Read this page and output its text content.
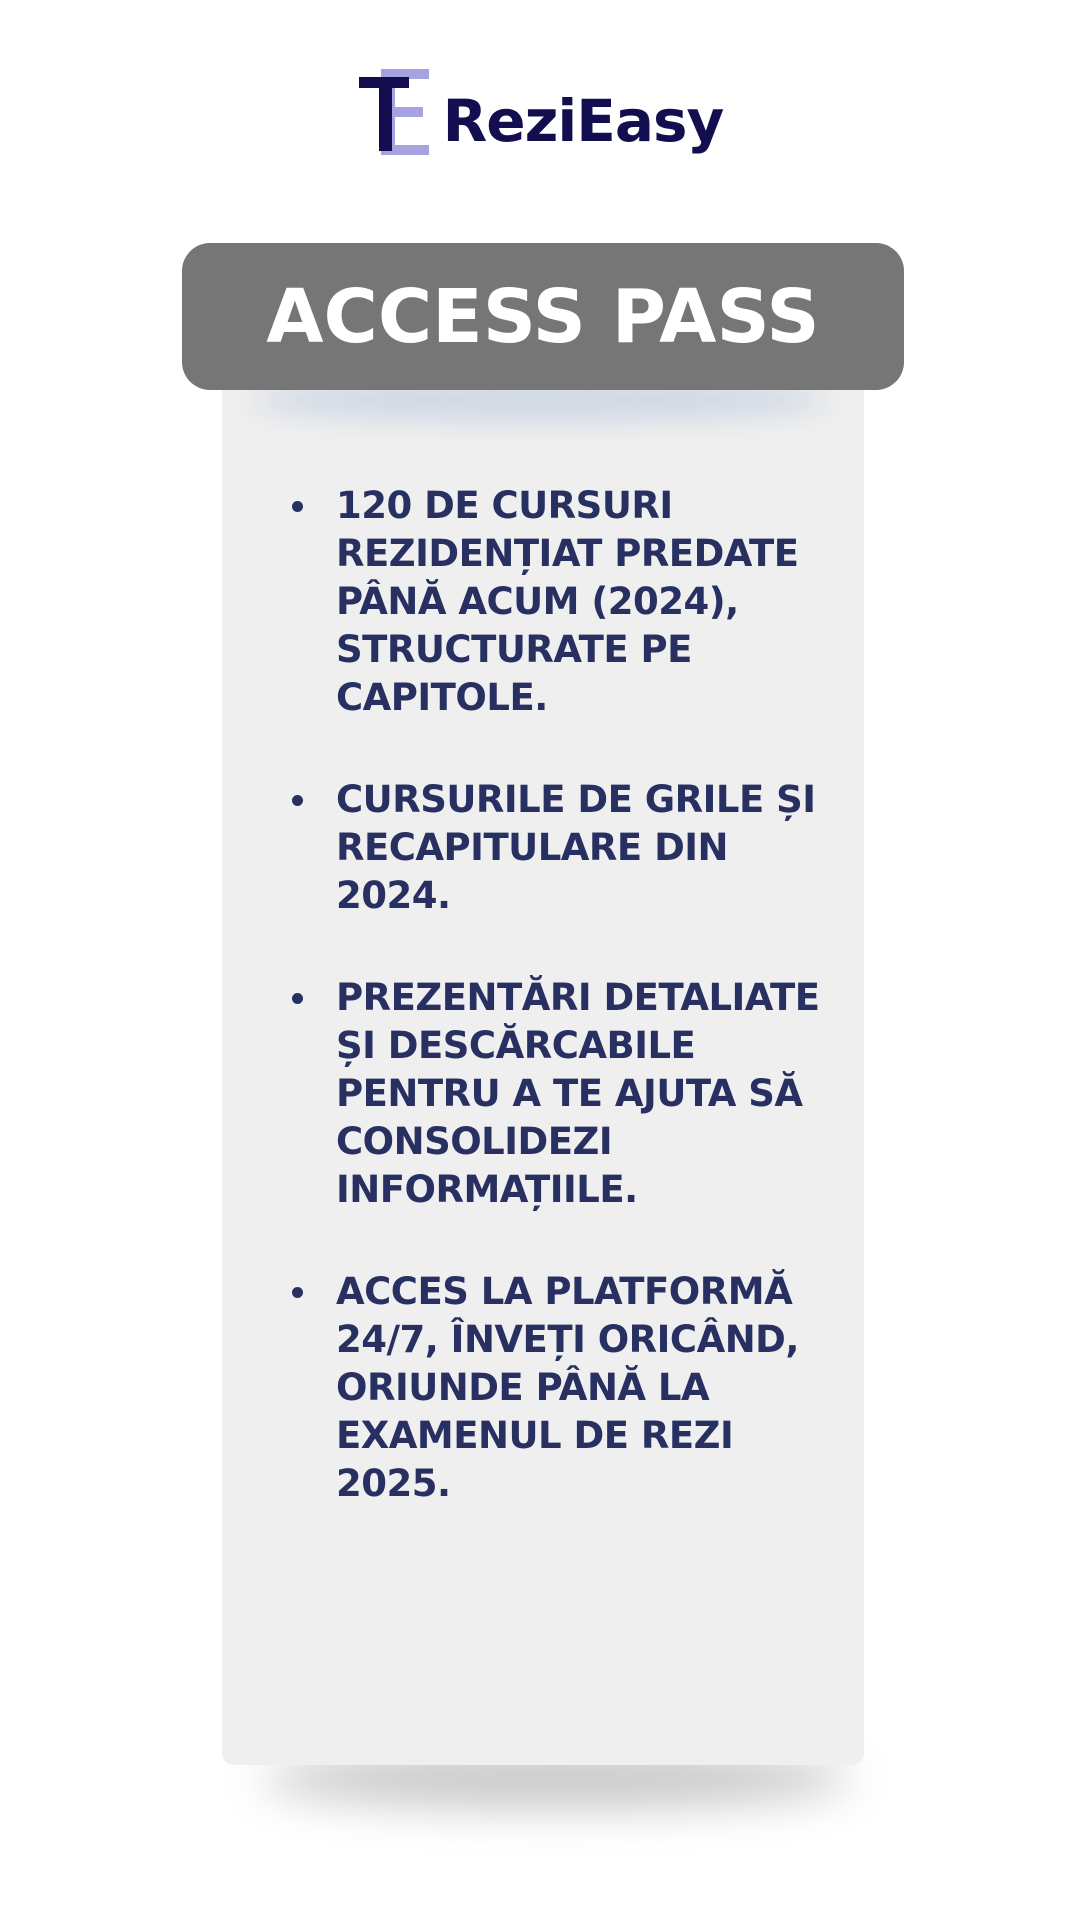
ReziEasy
ACCESS PASS
120 DE CURSURI REZIDENȚIAT PREDATE PÂNĂ ACUM (2024), STRUCTURATE PE CAPITOLE.
CURSURILE DE GRILE ȘI RECAPITULARE DIN 2024.
PREZENTĂRI DETALIATE ȘI DESCĂRCABILE PENTRU A TE AJUTA SĂ CONSOLIDEZI INFORMAȚIILE.
ACCES LA PLATFORMĂ 24/7, ÎNVEȚI ORICÂND, ORIUNDE PÂNĂ LA EXAMENUL DE REZI 2025.
